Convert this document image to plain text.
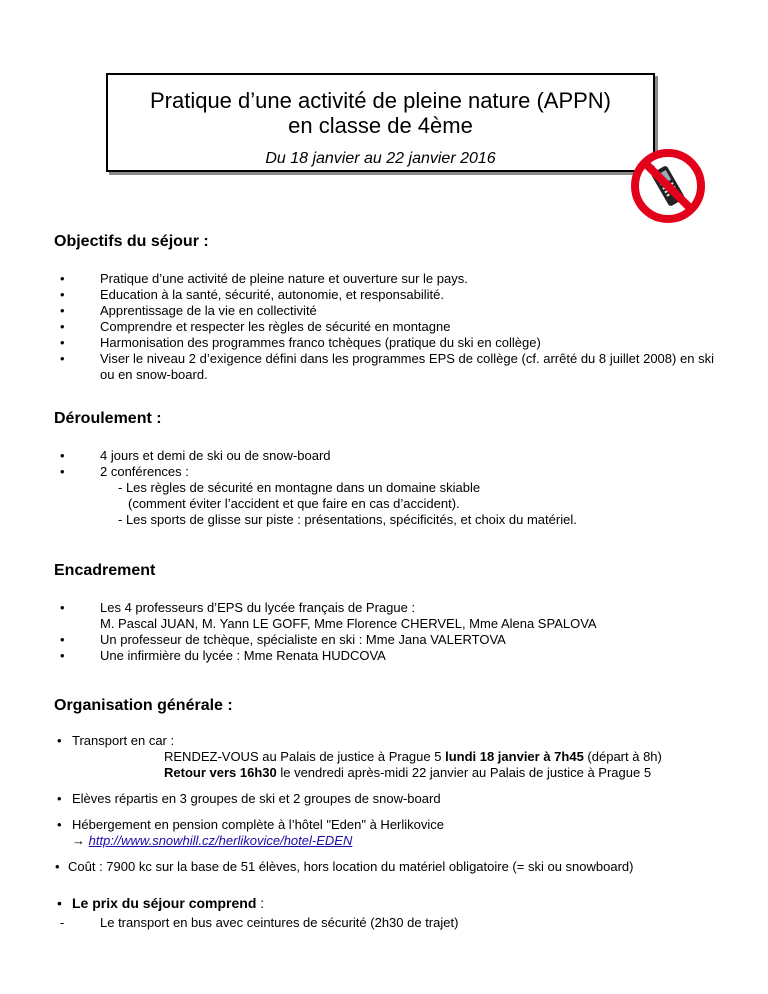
Pratique d’une activité de pleine nature (APPN)
en classe de 4ème
Du 18 janvier au 22 janvier 2016
Objectifs du séjour :
•	Pratique d’une activité de pleine nature et ouverture sur le pays.
•	Education à la santé, sécurité, autonomie, et responsabilité.
•	Apprentissage de la vie en collectivité
•	Comprendre et respecter les règles de sécurité en montagne
•	Harmonisation des programmes franco tchèques (pratique du ski en collège)
•	Viser le niveau 2 d’exigence défini dans les programmes EPS de collège (cf. arrêté du 8 juillet 2008) en ski ou en snow-board.
Déroulement :
•	4 jours et demi de ski ou de snow-board
•	2 conférences :
- Les règles de sécurité en montagne dans un domaine skiable
(comment éviter l’accident et que faire en cas d’accident).
- Les sports de glisse sur piste : présentations, spécificités, et choix du matériel.
Encadrement
•	Les 4 professeurs d’EPS du lycée français de Prague :
M. Pascal JUAN, M. Yann LE GOFF, Mme Florence CHERVEL, Mme Alena SPALOVA
•	Un professeur de tchèque, spécialiste en ski : Mme Jana VALERTOVA
•	Une infirmière du lycée : Mme Renata HUDCOVA
Organisation générale :
• Transport en car :
RENDEZ-VOUS au Palais de justice à Prague 5 lundi 18 janvier à 7h45 (départ à 8h)
Retour vers 16h30 le vendredi après-midi 22 janvier au Palais de justice à Prague 5
• Elèves répartis en 3 groupes de ski et 2 groupes de snow-board
• Hébergement en pension complète à l’hôtel "Eden" à Herlikovice
→ http://www.snowhill.cz/herlikovice/hotel-EDEN
• Coût : 7900 kc sur la base de 51 élèves, hors location du matériel obligatoire (= ski ou snowboard)
• Le prix du séjour comprend :
-	Le transport en bus avec ceintures de sécurité (2h30 de trajet)
